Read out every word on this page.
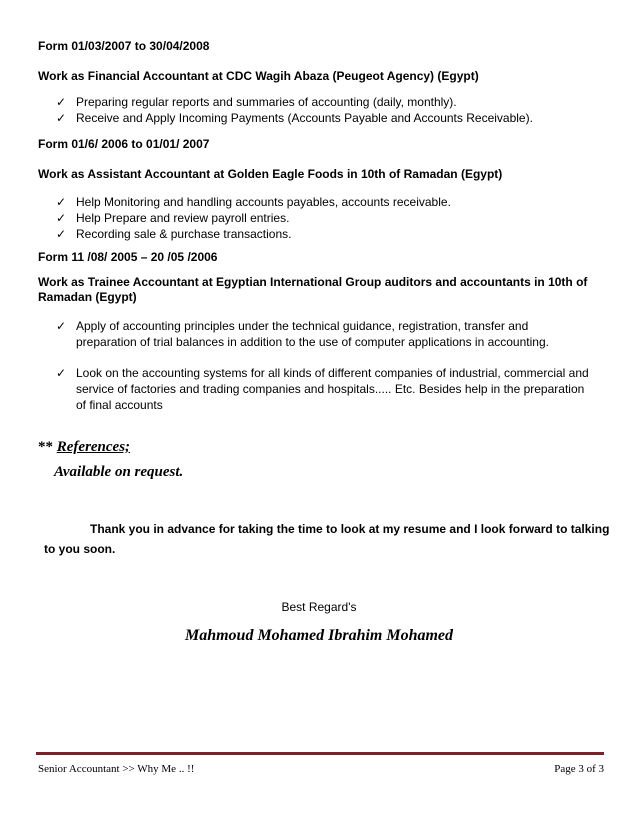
Form 01/03/2007 to 30/04/2008
Work as Financial Accountant at CDC Wagih Abaza (Peugeot Agency) (Egypt)
✓ Preparing regular reports and summaries of accounting (daily, monthly).
✓ Receive and Apply Incoming Payments (Accounts Payable and Accounts Receivable).
Form 01/6/ 2006 to 01/01/ 2007
Work as Assistant Accountant at Golden Eagle Foods in 10th of Ramadan (Egypt)
✓ Help Monitoring and handling accounts payables, accounts receivable.
✓ Help Prepare and review payroll entries.
✓ Recording sale & purchase transactions.
Form 11 /08/ 2005 – 20 /05 /2006
Work as Trainee Accountant at Egyptian International Group auditors and accountants in 10th of Ramadan (Egypt)
✓ Apply of accounting principles under the technical guidance, registration, transfer and preparation of trial balances in addition to the use of computer applications in accounting.
✓ Look on the accounting systems for all kinds of different companies of industrial, commercial and service of factories and trading companies and hospitals..... Etc. Besides help in the preparation of final accounts
** References;
Available on request.
Thank you in advance for taking the time to look at my resume and I look forward to talking to you soon.
Best Regard's
Mahmoud Mohamed Ibrahim Mohamed
Senior Accountant >> Why Me .. !!	Page 3 of 3
